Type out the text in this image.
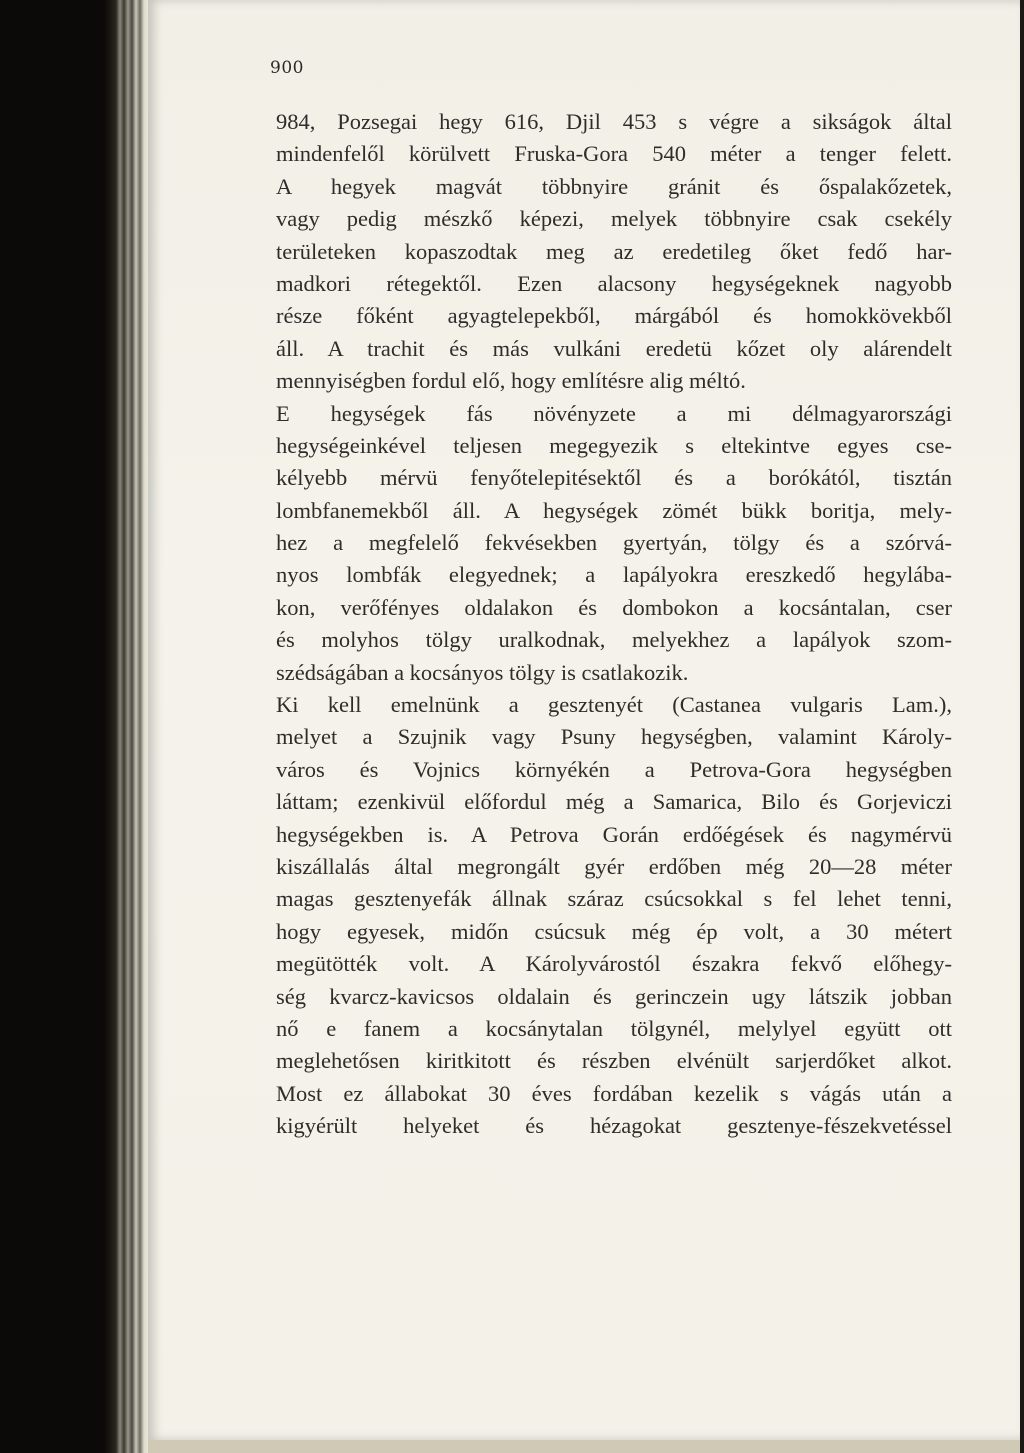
900
984, Pozsegai hegy 616, Djil 453 s végre a sikságok által
mindenfelől körülvett Fruska-Gora 540 méter a tenger felett.
A hegyek magvát többnyire gránit és őspalakőzetek,
vagy pedig mészkő képezi, melyek többnyire csak csekély
területeken kopaszodtak meg az eredetileg őket fedő har-
madkori rétegektől. Ezen alacsony hegységeknek nagyobb
része főként agyagtelepekből, márgából és homokkövekből
áll. A trachit és más vulkáni eredetü kőzet oly alárendelt
mennyiségben fordul elő, hogy említésre alig méltó.
E hegységek fás növényzete a mi délmagyarországi
hegységeinkével teljesen megegyezik s eltekintve egyes cse-
kélyebb mérvü fenyőtelepitésektől és a borókától, tisztán
lombfanemekből áll. A hegységek zömét bükk boritja, mely-
hez a megfelelő fekvésekben gyertyán, tölgy és a szórvá-
nyos lombfák elegyednek; a lapályokra ereszkedő hegylába-
kon, verőfényes oldalakon és dombokon a kocsántalan, cser
és molyhos tölgy uralkodnak, melyekhez a lapályok szom-
szédságában a kocsányos tölgy is csatlakozik.
Ki kell emelnünk a gesztenyét (Castanea vulgaris Lam.),
melyet a Szujnik vagy Psuny hegységben, valamint Károly-
város és Vojnics környékén a Petrova-Gora hegységben
láttam; ezenkivül előfordul még a Samarica, Bilo és Gorjeviczi
hegységekben is. A Petrova Gorán erdőégések és nagymérvü
kiszállalás által megrongált gyér erdőben még 20—28 méter
magas gesztenyefák állnak száraz csúcsokkal s fel lehet tenni,
hogy egyesek, midőn csúcsuk még ép volt, a 30 métert
megütötték volt. A Károlyvárostól északra fekvő előhegy-
ség kvarcz-kavicsos oldalain és gerinczein ugy látszik jobban
nő e fanem a kocsánytalan tölgynél, melylyel együtt ott
meglehetősen kiritkitott és részben elvénült sarjerdőket alkot.
Most ez állabokat 30 éves fordában kezelik s vágás után a
kigyérült helyeket és hézagokat gesztenye-fészekvetéssel
